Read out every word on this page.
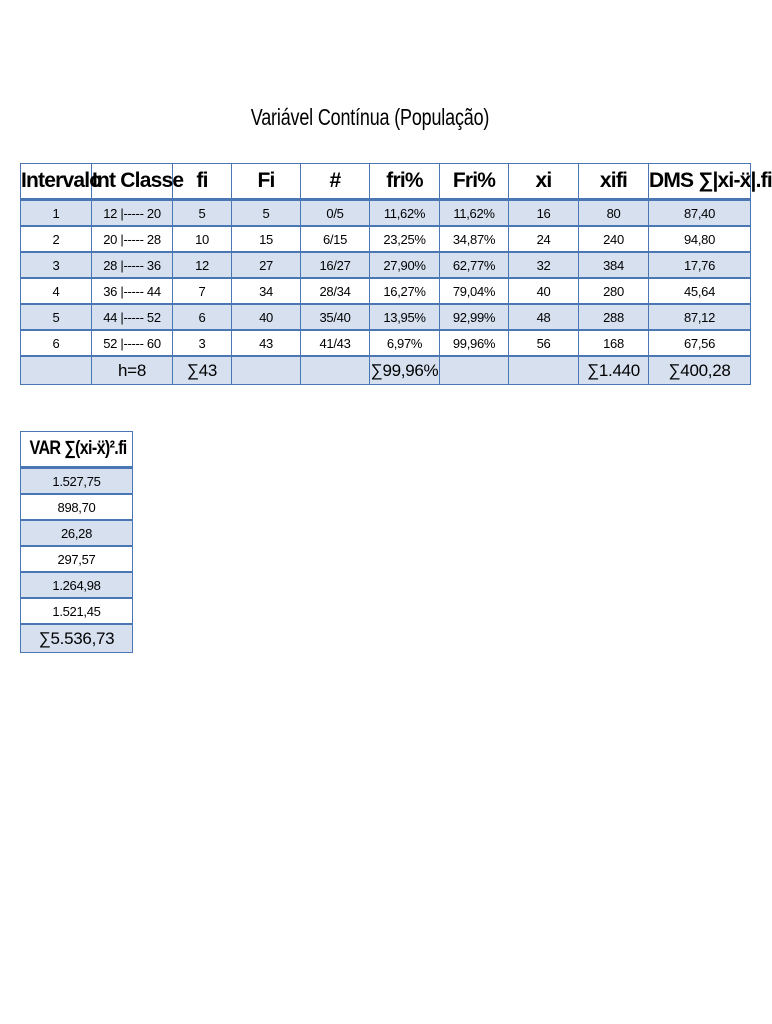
Variável Contínua (População)
Intervalo	Int Classe	fi	Fi	#	fri%	Fri%	xi	xifi	DMS ∑|xi-ẍ|.fi
1	12 |----- 20	5	5	0/5	11,62%	11,62%	16	80	87,40
2	20 |----- 28	10	15	6/15	23,25%	34,87%	24	240	94,80
3	28 |----- 36	12	27	16/27	27,90%	62,77%	32	384	17,76
4	36 |----- 44	7	34	28/34	16,27%	79,04%	40	280	45,64
5	44 |----- 52	6	40	35/40	13,95%	92,99%	48	288	87,12
6	52 |----- 60	3	43	41/43	6,97%	99,96%	56	168	67,56
	h=8	∑43			∑99,96%			∑1.440	∑400,28
VAR ∑(xi-ẍ)².fi
1.527,75
898,70
26,28
297,57
1.264,98
1.521,45
∑5.536,73
